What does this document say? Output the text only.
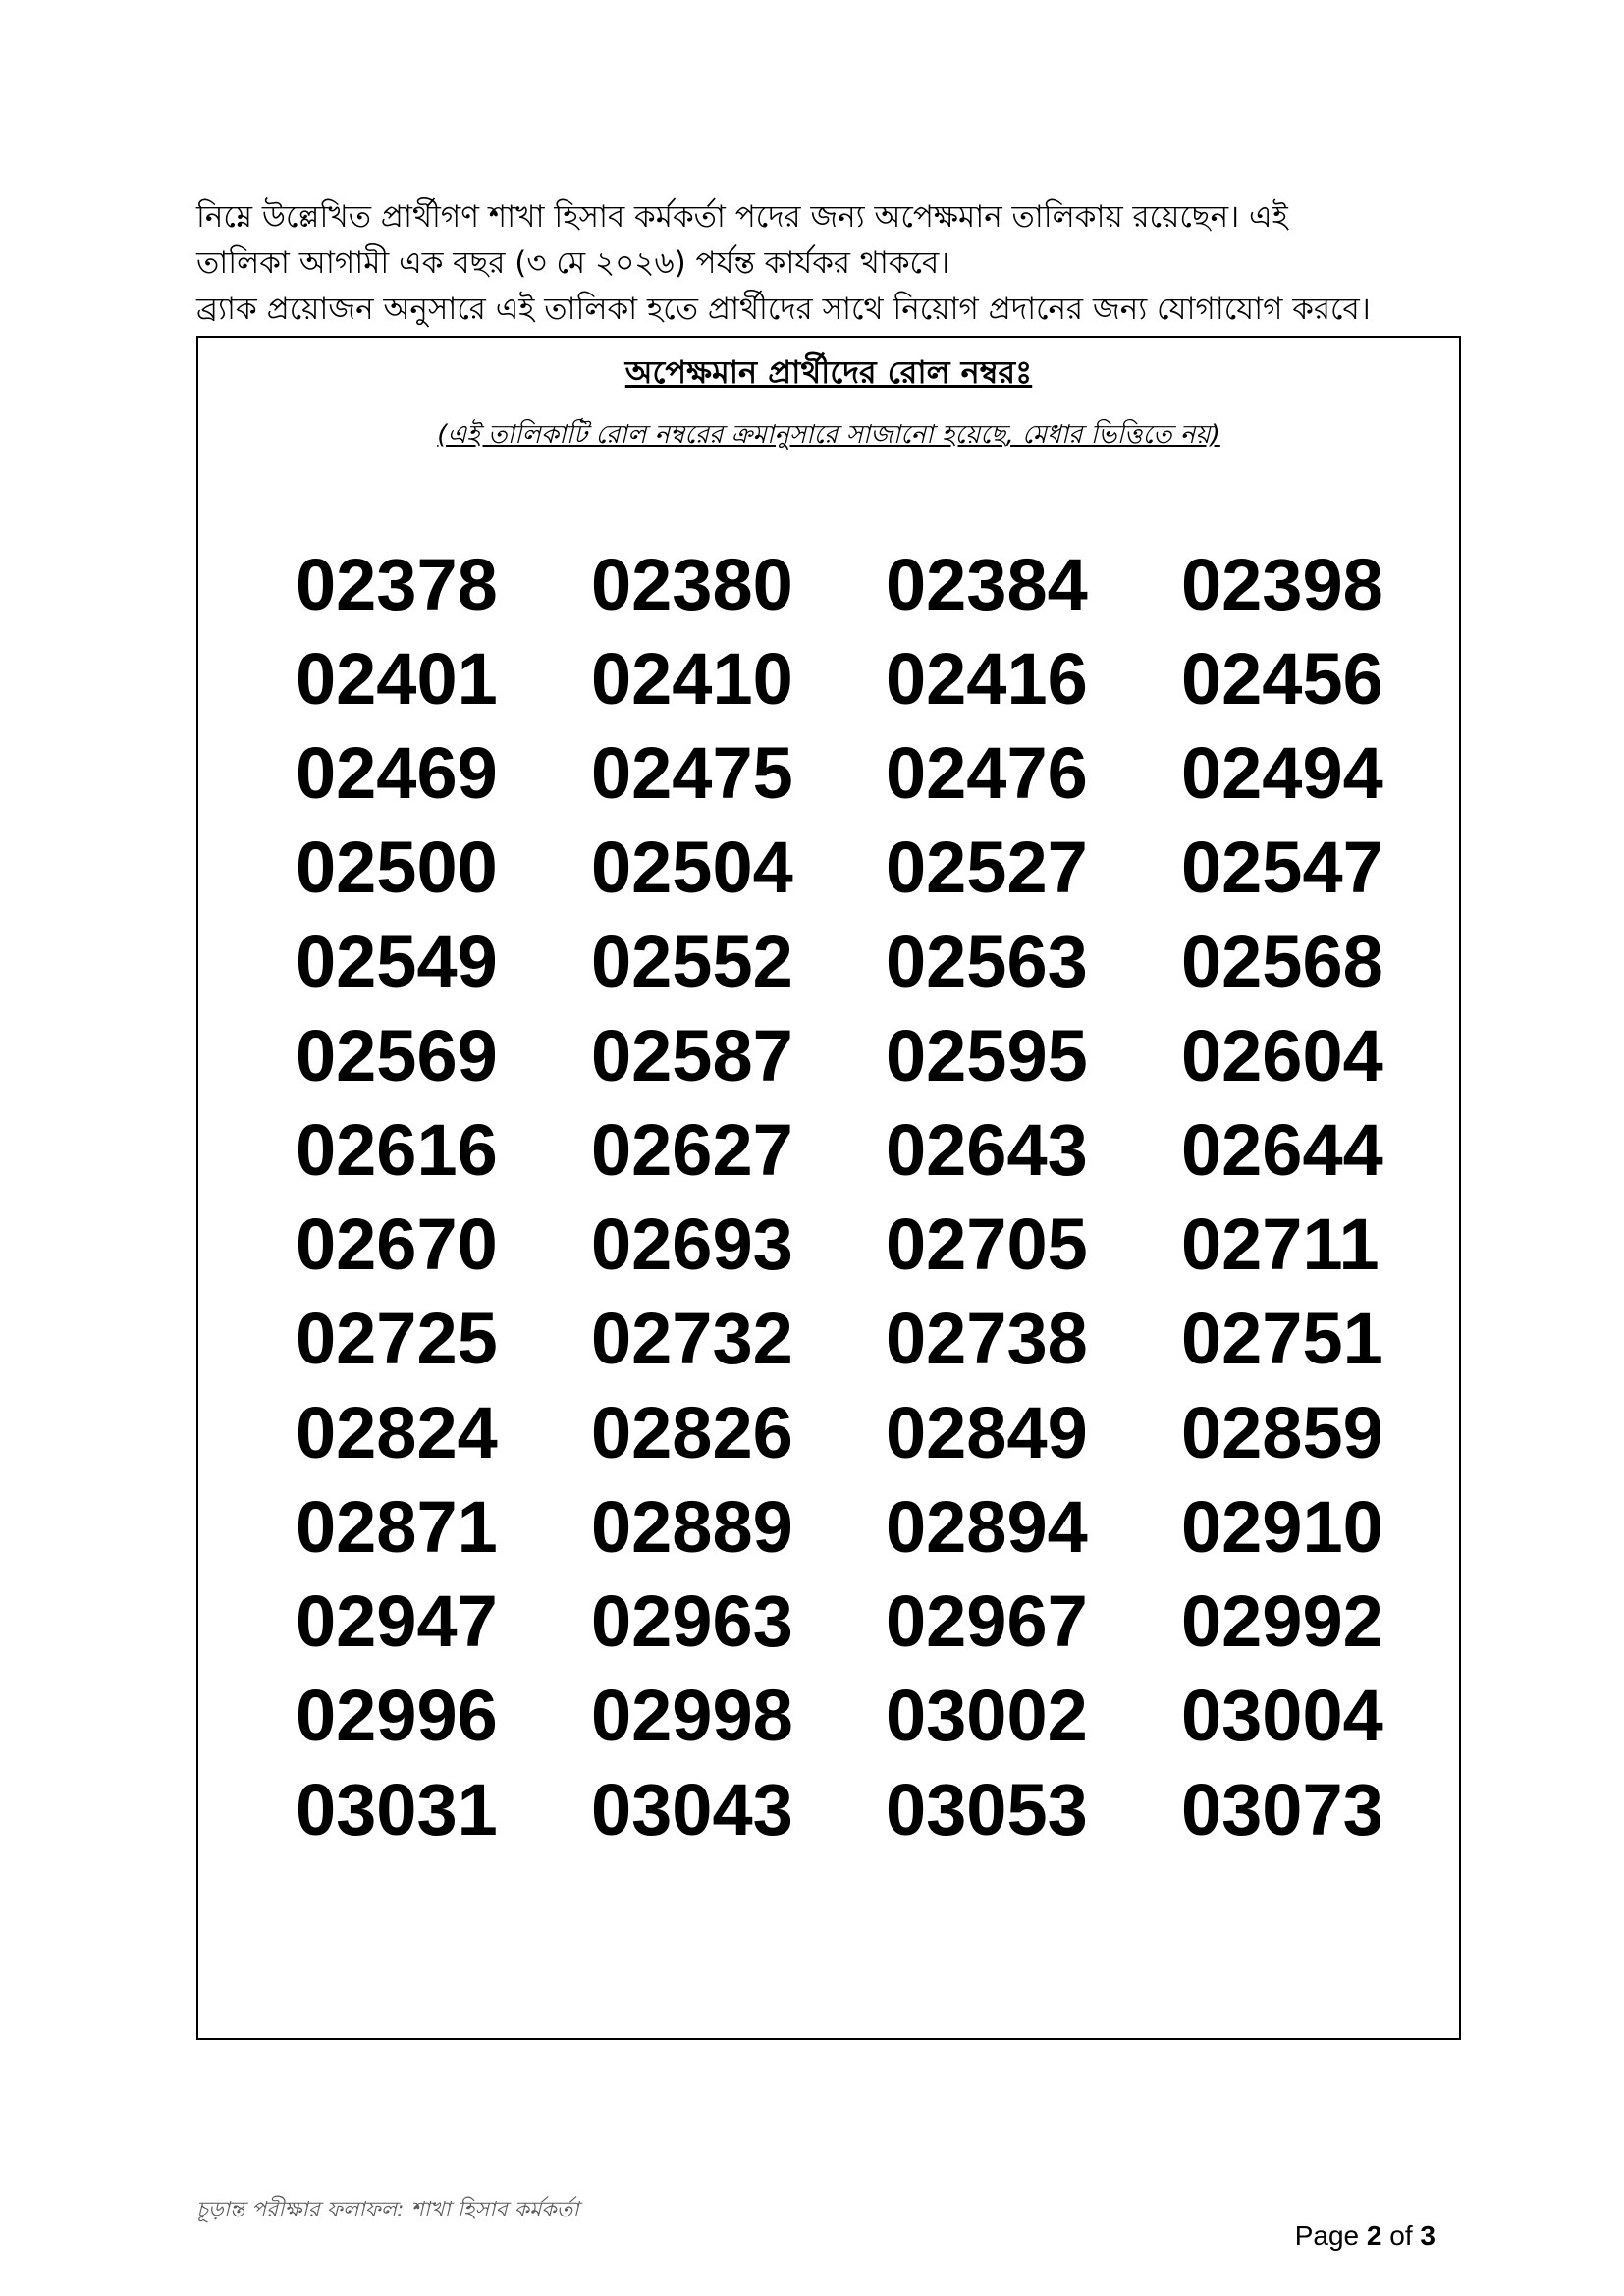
নিম্নে উল্লেখিত প্রার্থীগণ শাখা হিসাব কর্মকর্তা পদের জন্য অপেক্ষমান তালিকায় রয়েছেন। এই

তালিকা আগামী এক বছর (৩ মে ২০২৬) পর্যন্ত কার্যকর থাকবে।

ব্র্যাক প্রয়োজন অনুসারে এই তালিকা হতে প্রার্থীদের সাথে নিয়োগ প্রদানের জন্য যোগাযোগ করবে।

অপেক্ষমান প্রার্থীদের রোল নম্বরঃ
(এই তালিকাটি রোল নম্বরের ক্রমানুসারে সাজানো হয়েছে, মেধার ভিত্তিতে নয়)
02378 02380 02384 02398
02401 02410 02416 02456
02469 02475 02476 02494
02500 02504 02527 02547
02549 02552 02563 02568
02569 02587 02595 02604
02616 02627 02643 02644
02670 02693 02705 02711
02725 02732 02738 02751
02824 02826 02849 02859
02871 02889 02894 02910
02947 02963 02967 02992
02996 02998 03002 03004
03031 03043 03053 03073
চূড়ান্ত পরীক্ষার ফলাফল: শাখা হিসাব কর্মকর্তা
Page 2 of 3
